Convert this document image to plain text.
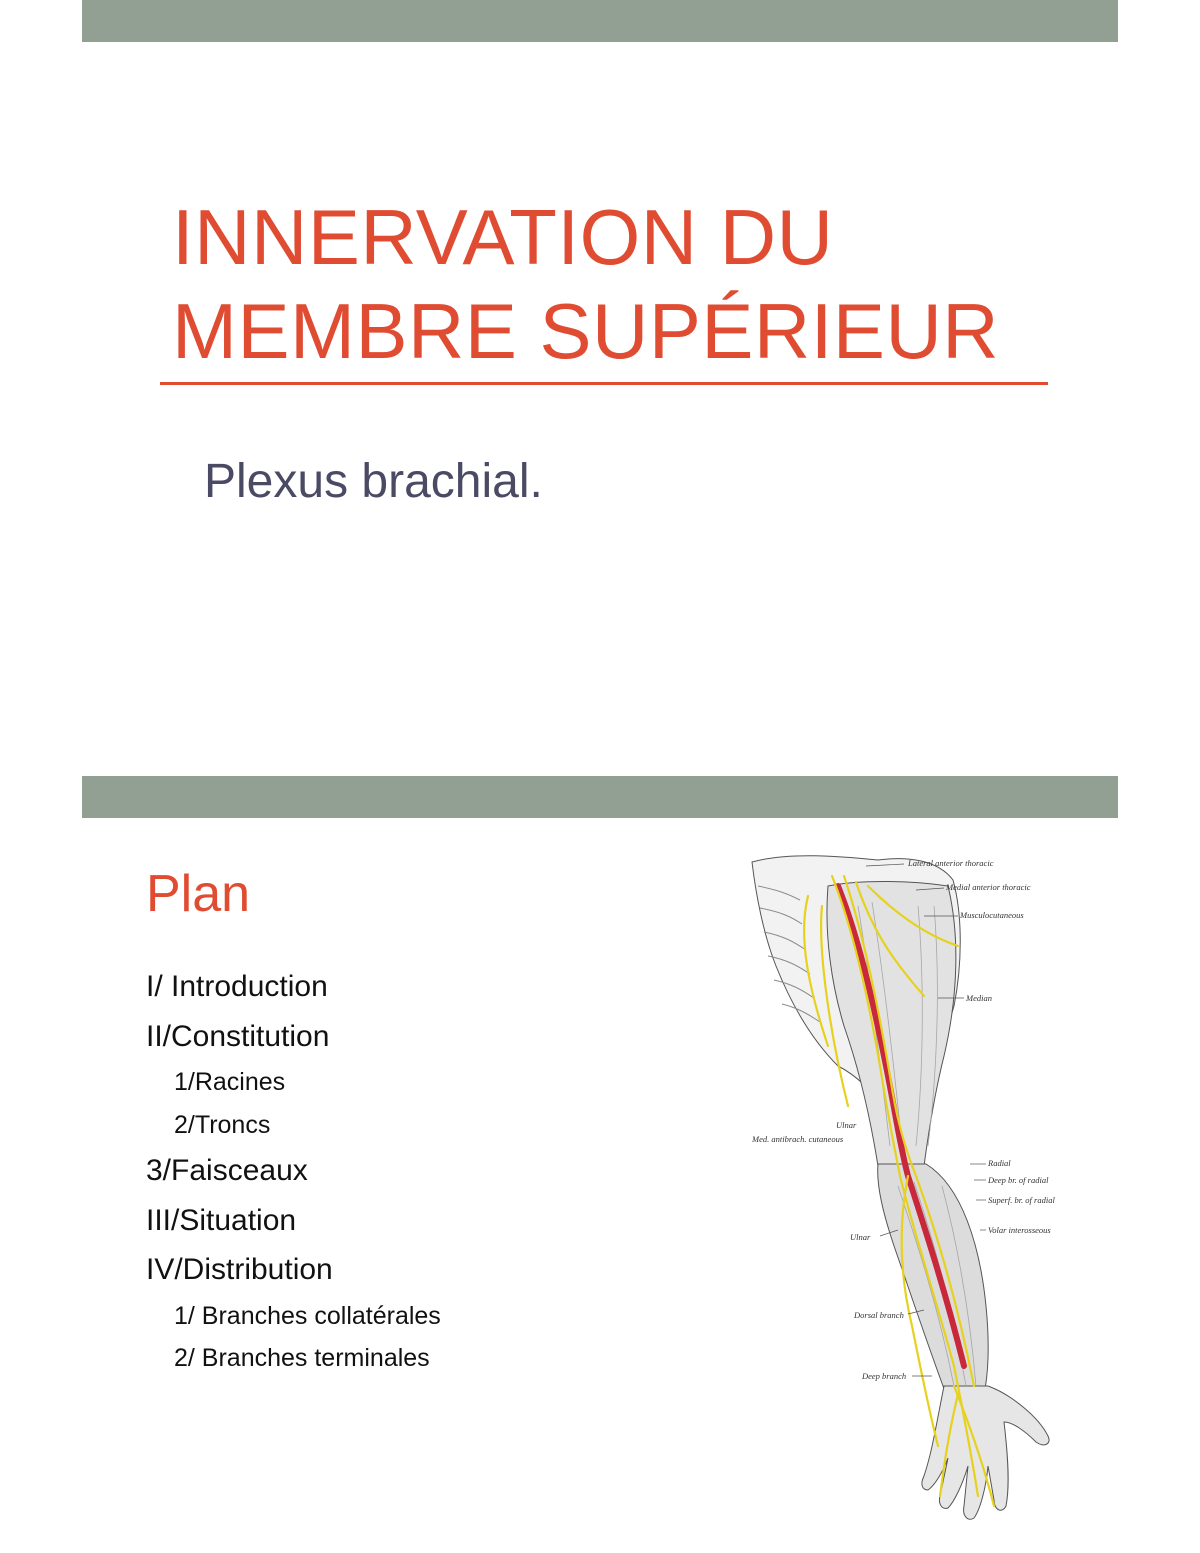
INNERVATION DU
MEMBRE SUPÉRIEUR
Plexus brachial.
Plan
I/ Introduction
II/Constitution
1/Racines
2/Troncs
3/Faisceaux
III/Situation
IV/Distribution
1/ Branches collatérales
2/ Branches terminales
Lateral anterior thoracic
Medial anterior thoracic
Musculocutaneous
Median
Ulnar
Med. antibrach. cutaneous
Radial
Deep br. of radial
Superf. br. of radial
Volar interosseous
Ulnar
Dorsal branch
Deep branch
